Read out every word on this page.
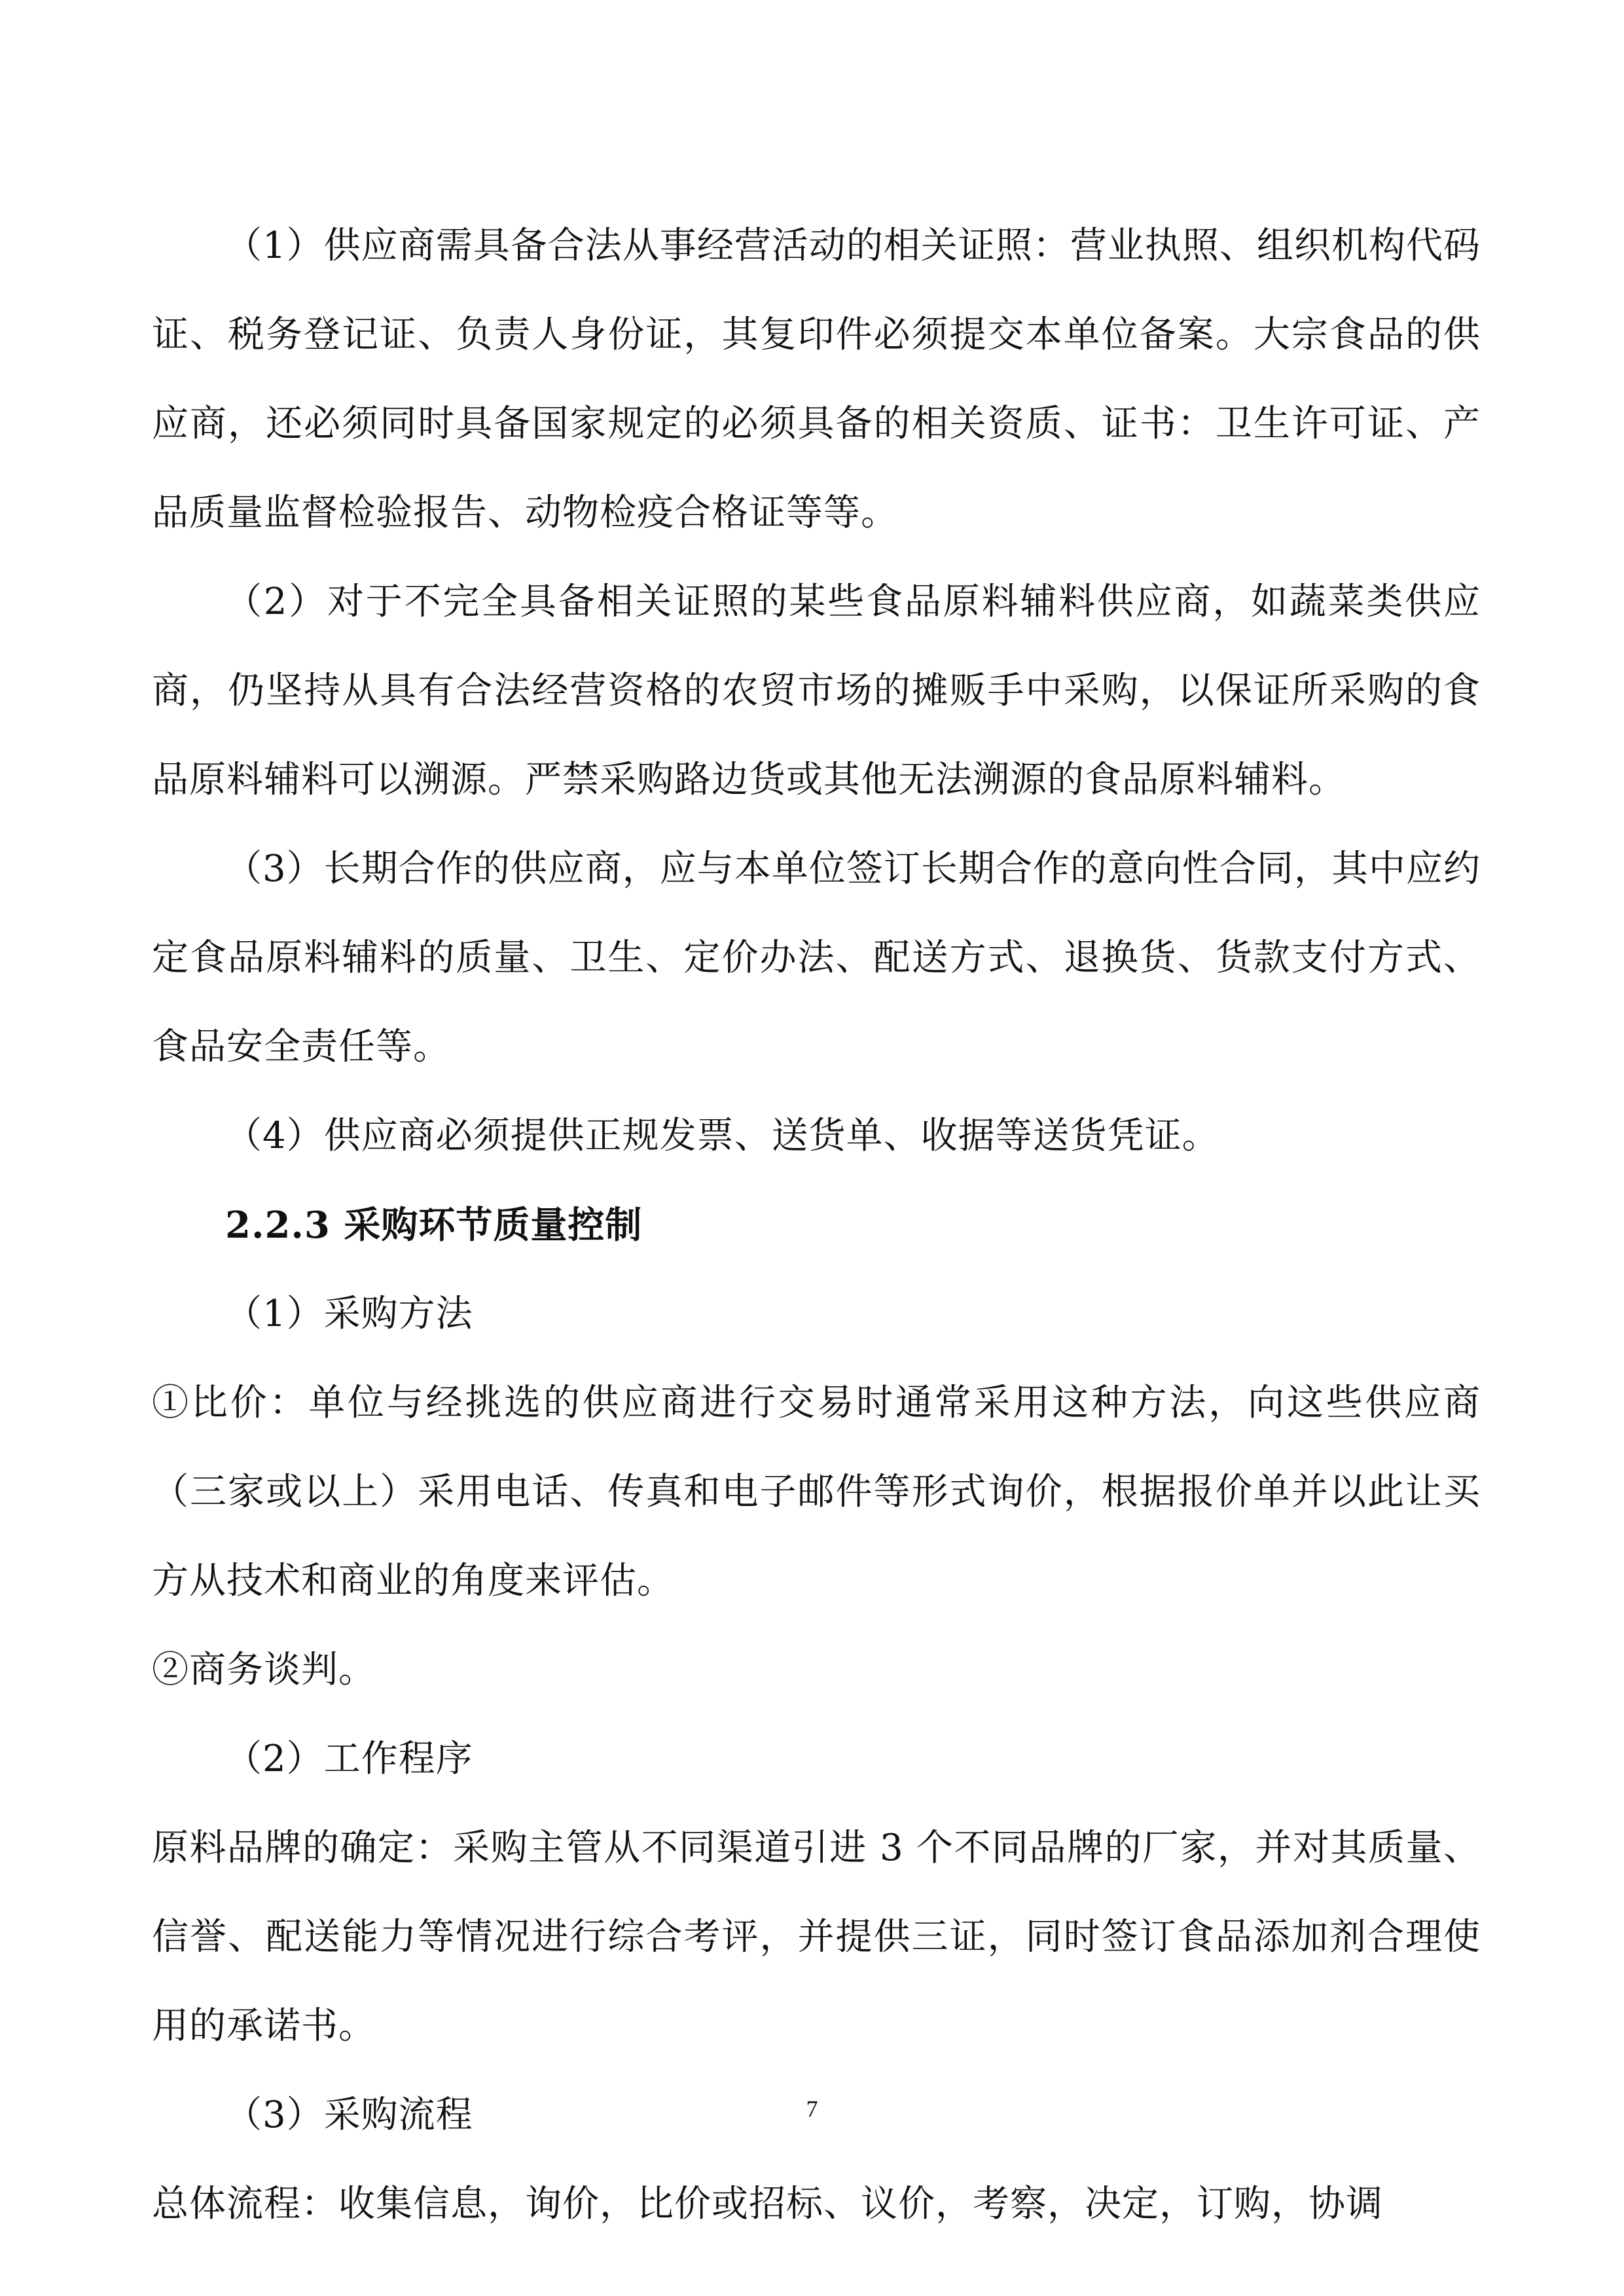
（1）供应商需具备合法从事经营活动的相关证照：营业执照、组织机构代码证、税务登记证、负责人身份证，其复印件必须提交本单位备案。大宗食品的供应商，还必须同时具备国家规定的必须具备的相关资质、证书：卫生许可证、产品质量监督检验报告、动物检疫合格证等等。

（2）对于不完全具备相关证照的某些食品原料辅料供应商，如蔬菜类供应商，仍坚持从具有合法经营资格的农贸市场的摊贩手中采购，以保证所采购的食品原料辅料可以溯源。严禁采购路边货或其他无法溯源的食品原料辅料。

（3）长期合作的供应商，应与本单位签订长期合作的意向性合同，其中应约定食品原料辅料的质量、卫生、定价办法、配送方式、退换货、货款支付方式、食品安全责任等。

（4）供应商必须提供正规发票、送货单、收据等送货凭证。

2.2.3 采购环节质量控制

（1）采购方法

①比价：单位与经挑选的供应商进行交易时通常采用这种方法，向这些供应商（三家或以上）采用电话、传真和电子邮件等形式询价，根据报价单并以此让买方从技术和商业的角度来评估。

②商务谈判。

（2）工作程序

原料品牌的确定：采购主管从不同渠道引进 3 个不同品牌的厂家，并对其质量、信誉、配送能力等情况进行综合考评，并提供三证，同时签订食品添加剂合理使用的承诺书。

（3）采购流程

总体流程：收集信息，询价，比价或招标、议价，考察，决定，订购，协调

7
